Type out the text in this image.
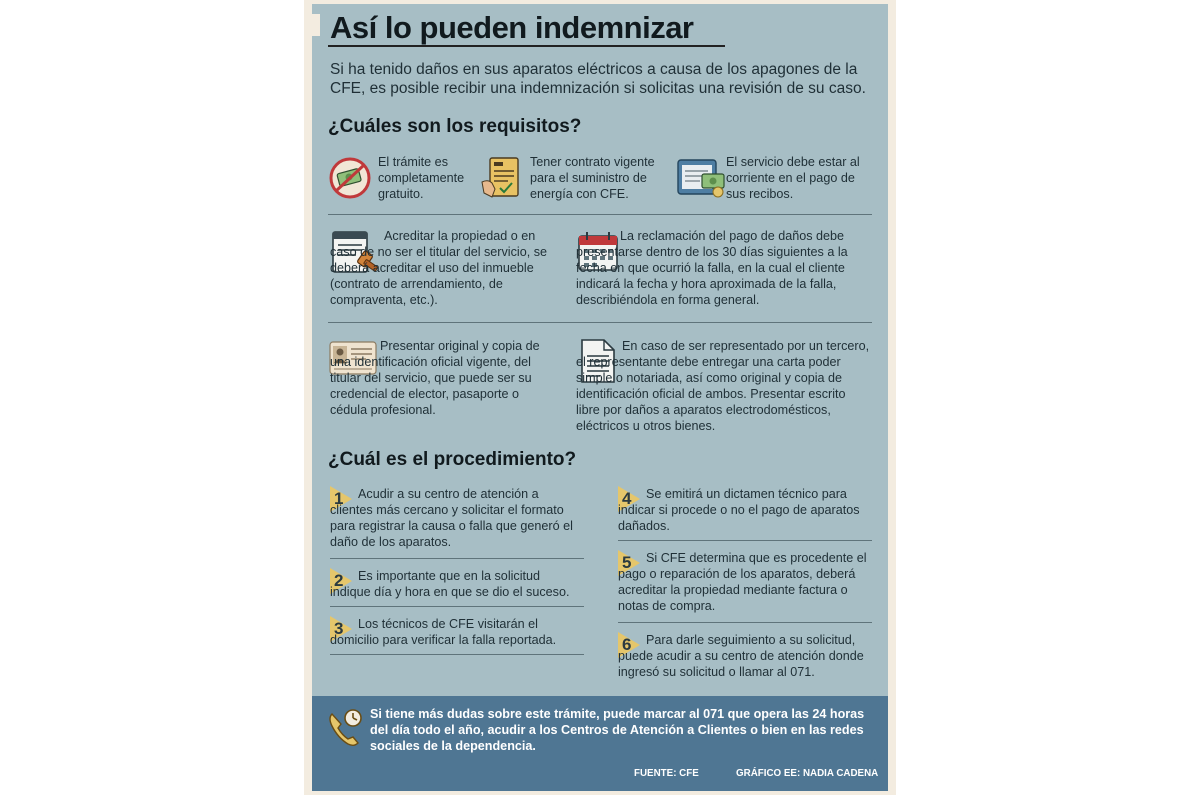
Así lo pueden indemnizar
Si ha tenido daños en sus aparatos eléctricos a causa de los apagones de la CFE, es posible recibir una indemnización si solicitas una revisión de su caso.
¿Cuáles son los requisitos?
El trámite es completamente gratuito.
Tener contrato vigente para el suministro de energía con CFE.
El servicio debe estar al corriente en el pago de sus recibos.
Acreditar la propiedad o en caso de no ser el titular del servicio, se deberá acreditar el uso del inmueble (contrato de arrendamiento, de compraventa, etc.).
La reclamación del pago de daños debe presentarse dentro de los 30 días siguientes a la fecha en que ocurrió la falla, en la cual el cliente indicará la fecha y hora aproximada de la falla, describiéndola en forma general.
Presentar original y copia de una identificación oficial vigente, del titular del servicio, que puede ser su credencial de elector, pasaporte o cédula profesional.
En caso de ser representado por un tercero, el representante debe entregar una carta poder simple o notariada, así como original y copia de identificación oficial de ambos. Presentar escrito libre por daños a aparatos electrodomésticos, eléctricos u otros bienes.
¿Cuál es el procedimiento?
1	Acudir a su centro de atención a clientes más cercano y solicitar el formato para registrar la causa o falla que generó el daño de los aparatos.
2	Es importante que en la solicitud indique día y hora en que se dio el suceso.
3	Los técnicos de CFE visitarán el domicilio para verificar la falla reportada.
4	Se emitirá un dictamen técnico para indicar si procede o no el pago de aparatos dañados.
5	Si CFE determina que es procedente el pago o reparación de los aparatos, deberá acreditar la propiedad mediante factura o notas de compra.
6	Para darle seguimiento a su solicitud, puede acudir a su centro de atención donde ingresó su solicitud o llamar al 071.
Si tiene más dudas sobre este trámite, puede marcar al 071 que opera las 24 horas del día todo el año, acudir a los Centros de Atención a Clientes o bien en las redes sociales de la dependencia.
FUENTE: CFE	GRÁFICO EE: NADIA CADENA
